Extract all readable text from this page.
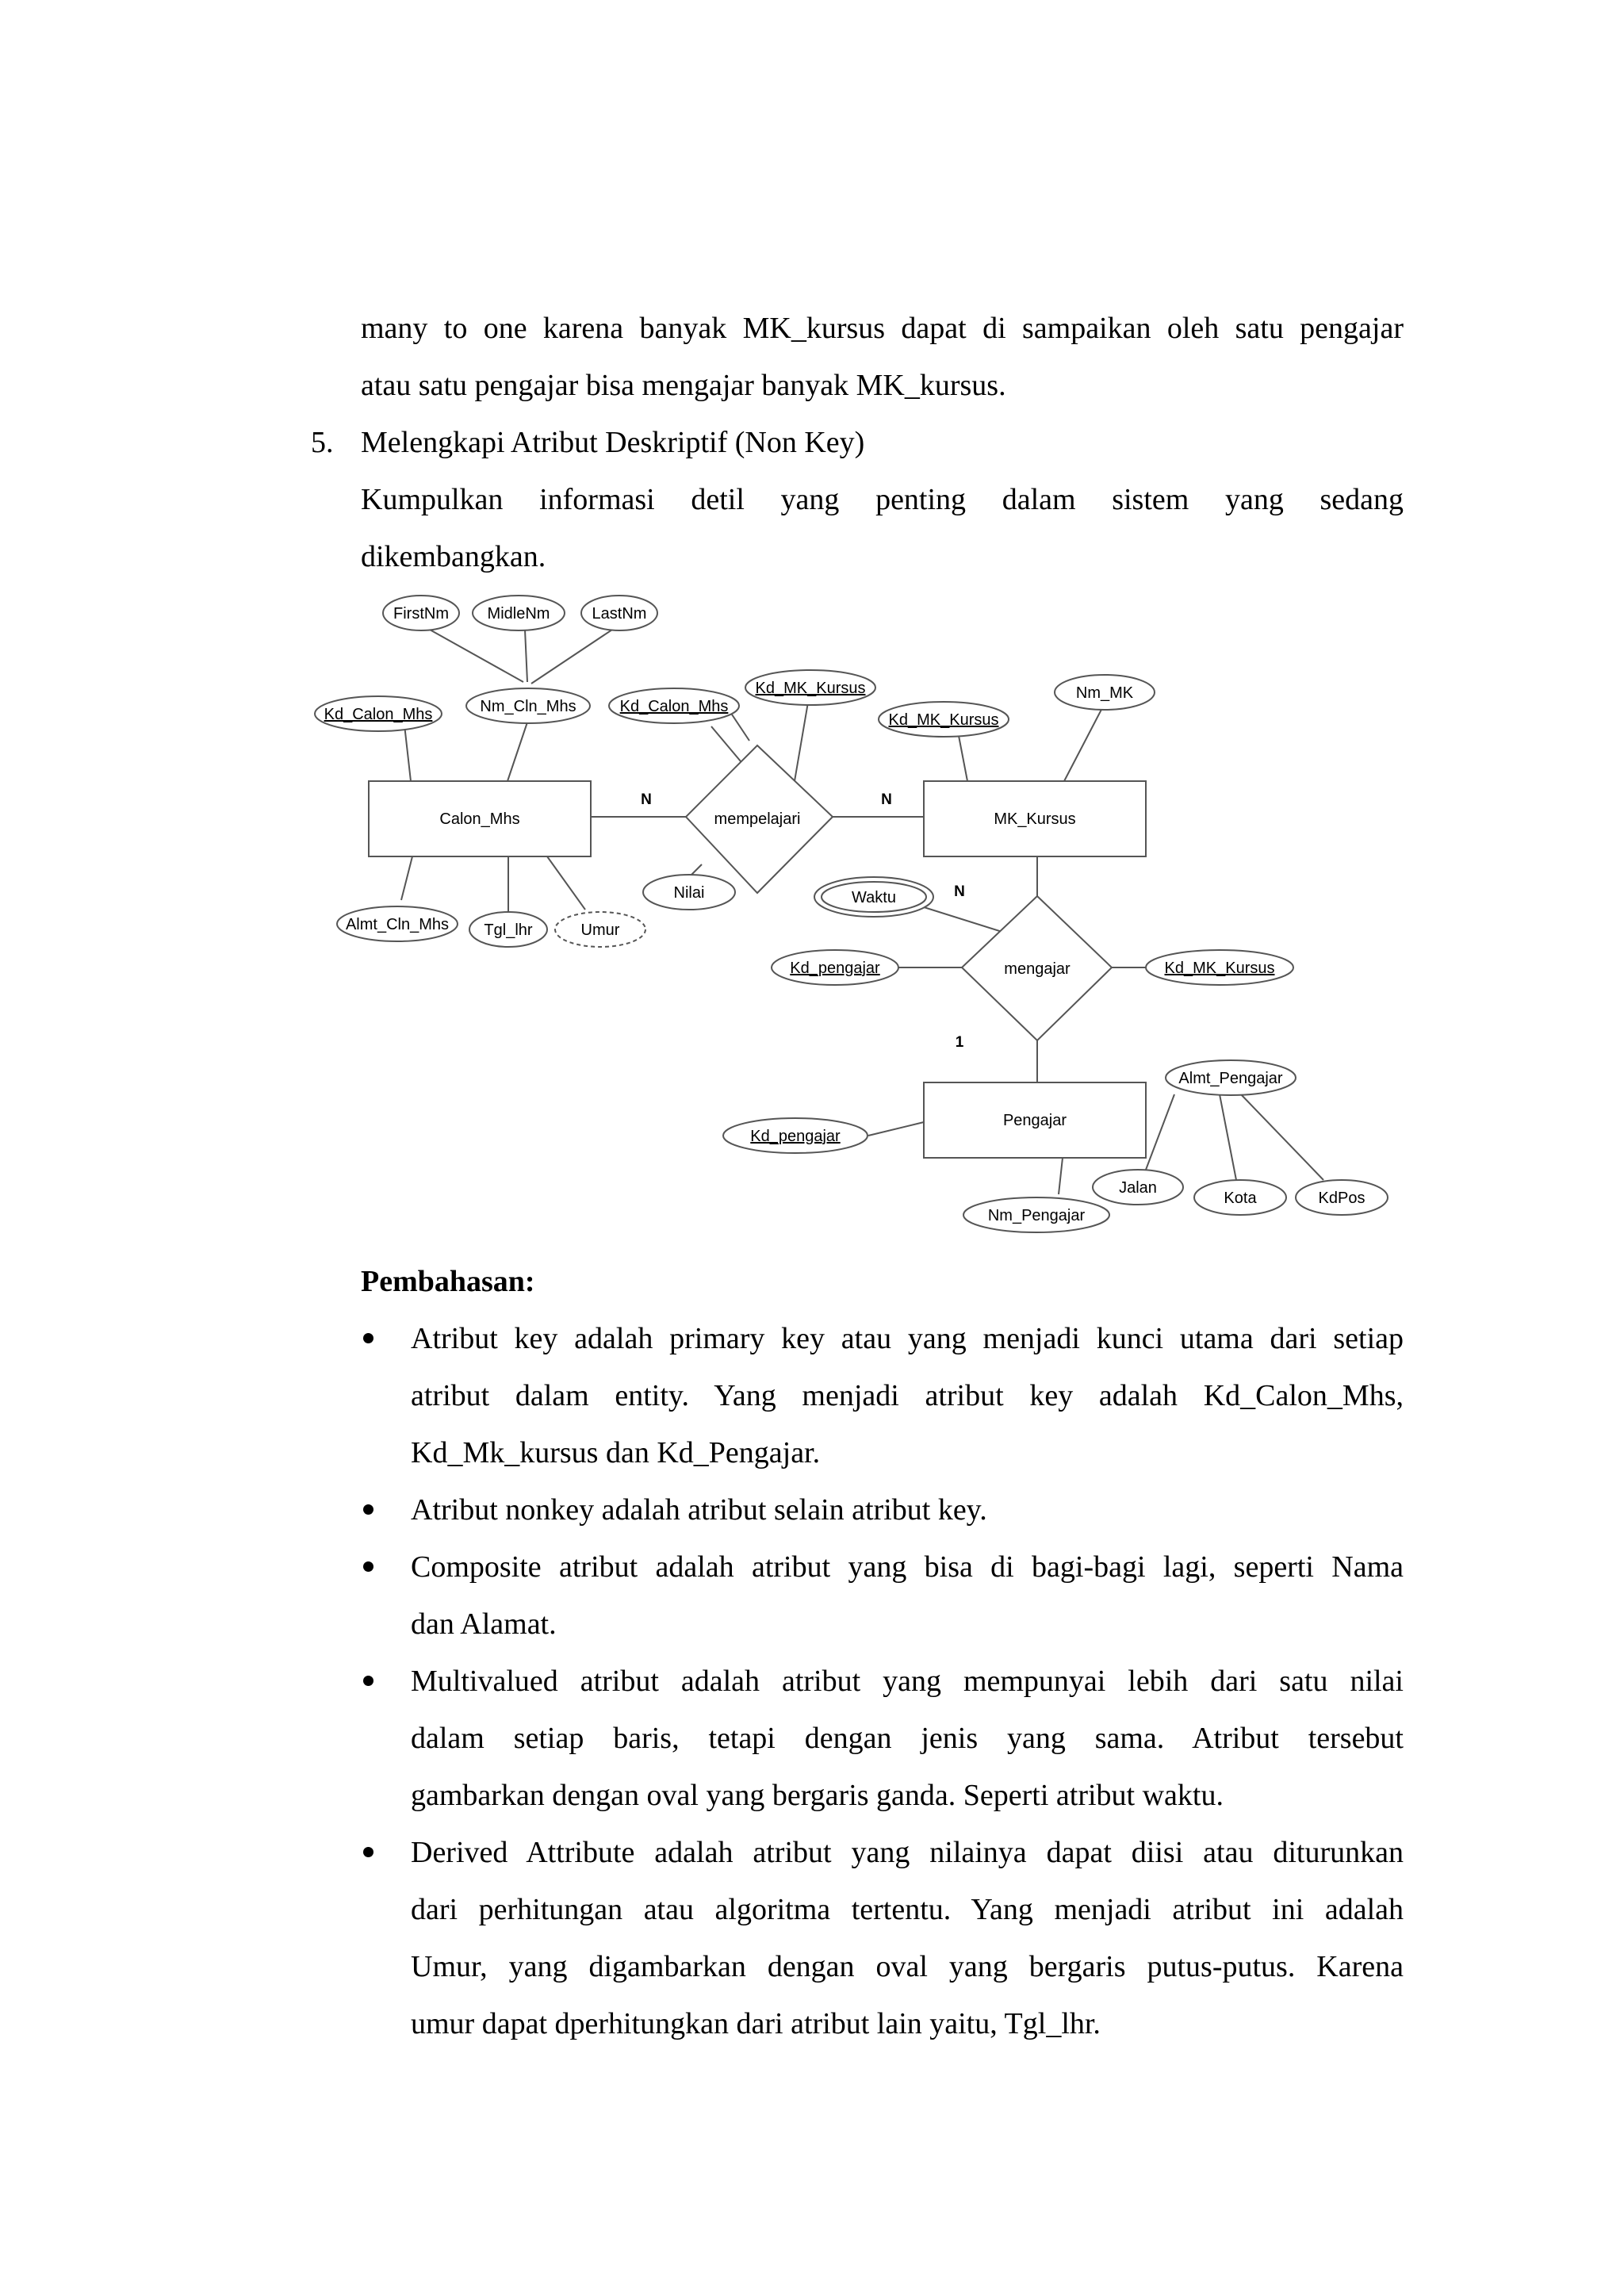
many to one karena banyak MK_kursus dapat di sampaikan oleh satu pengajar
atau satu pengajar bisa mengajar banyak MK_kursus.
5. Melengkapi Atribut Deskriptif (Non Key)
Kumpulkan informasi detil yang penting dalam sistem yang sedang
dikembangkan.
Calon_Mhs	MK_Kursus
Pengajar
mempelajari
mengajar
FirstNm MidleNm	LastNm
Kd_Calon_Mhs	Nm_Cln_Mhs	Kd_Calon_Mhs
Kd_MK_Kursus
Kd_MK_Kursus
Nm_MK
Almt_Cln_Mhs Tgl_lhr	Umur
Nilai	Waktu
Kd_pengajar	Kd_MK_Kursus
Almt_Pengajar
Kd_pengajar
Jalan
Kota	KdPos
Nm_Pengajar
N	N
N
1
Pembahasan:
Atribut key adalah primary key atau yang menjadi kunci utama dari setiap
atribut dalam entity. Yang menjadi atribut key adalah Kd_Calon_Mhs,
Kd_Mk_kursus dan Kd_Pengajar.
Atribut nonkey adalah atribut selain atribut key.
Composite atribut adalah atribut yang bisa di bagi-bagi lagi, seperti Nama
dan Alamat.
Multivalued atribut adalah atribut yang mempunyai lebih dari satu nilai
dalam setiap baris, tetapi dengan jenis yang sama. Atribut tersebut
gambarkan dengan oval yang bergaris ganda. Seperti atribut waktu.
Derived Attribute adalah atribut yang nilainya dapat diisi atau diturunkan
dari perhitungan atau algoritma tertentu. Yang menjadi atribut ini adalah
Umur, yang digambarkan dengan oval yang bergaris putus-putus. Karena
umur dapat dperhitungkan dari atribut lain yaitu, Tgl_lhr.
